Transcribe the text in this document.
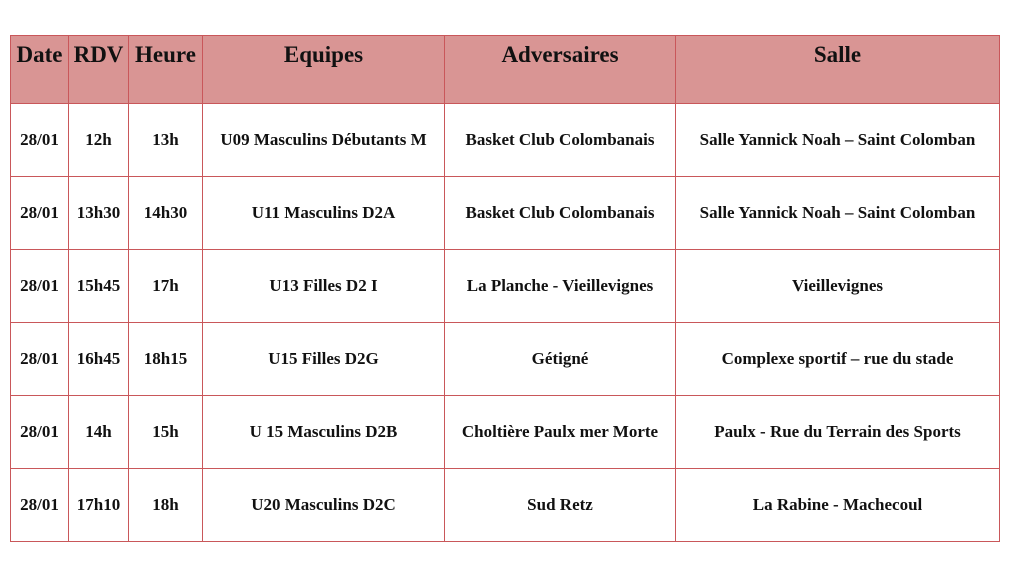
Date	RDV	Heure	Equipes	Adversaires	Salle
28/01	12h	13h	U09 Masculins Débutants M	Basket Club Colombanais	Salle Yannick Noah – Saint Colomban
28/01	13h30	14h30	U11 Masculins D2A	Basket Club Colombanais	Salle Yannick Noah – Saint Colomban
28/01	15h45	17h	U13 Filles D2 I	La Planche - Vieillevignes	Vieillevignes
28/01	16h45	18h15	U15 Filles D2G	Gétigné	Complexe sportif – rue du stade
28/01	14h	15h	U 15 Masculins D2B	Choltière Paulx mer Morte	Paulx - Rue du Terrain des Sports
28/01	17h10	18h	U20 Masculins D2C	Sud Retz	La Rabine - Machecoul
